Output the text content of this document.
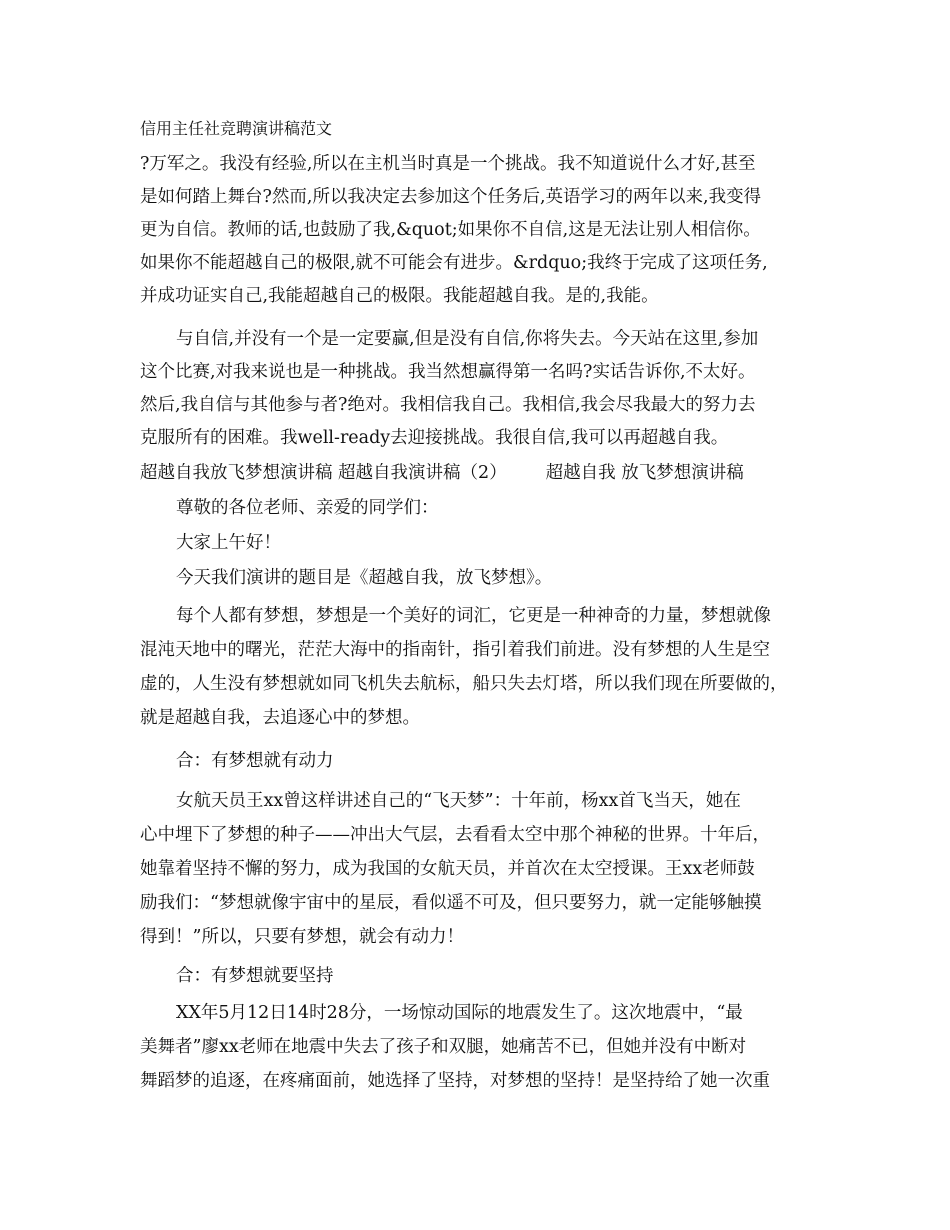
信用主任社竞聘演讲稿范文
?万军之。我没有经验,所以在主机当时真是一个挑战。我不知道说什么才好,甚至
是如何踏上舞台?然而,所以我决定去参加这个任务后,英语学习的两年以来,我变得
更为自信。教师的话,也鼓励了我,&quot;如果你不自信,这是无法让别人相信你。
如果你不能超越自己的极限,就不可能会有进步。&rdquo;我终于完成了这项任务,
并成功证实自己,我能超越自己的极限。我能超越自我。是的,我能。
与自信,并没有一个是一定要赢,但是没有自信,你将失去。今天站在这里,参加
这个比赛,对我来说也是一种挑战。我当然想赢得第一名吗?实话告诉你,不太好。
然后,我自信与其他参与者?绝对。我相信我自己。我相信,我会尽我最大的努力去
克服所有的困难。我well-ready去迎接挑战。我很自信,我可以再超越自我。
超越自我放飞梦想演讲稿 超越自我演讲稿（2）       超越自我 放飞梦想演讲稿
尊敬的各位老师、亲爱的同学们：
大家上午好！
今天我们演讲的题目是《超越自我，放飞梦想》。
每个人都有梦想，梦想是一个美好的词汇，它更是一种神奇的力量，梦想就像
混沌天地中的曙光，茫茫大海中的指南针，指引着我们前进。没有梦想的人生是空
虚的，人生没有梦想就如同飞机失去航标，船只失去灯塔，所以我们现在所要做的，
就是超越自我，去追逐心中的梦想。
合：有梦想就有动力
女航天员王xx曾这样讲述自己的“飞天梦”：十年前，杨xx首飞当天，她在
心中埋下了梦想的种子——冲出大气层，去看看太空中那个神秘的世界。十年后，
她靠着坚持不懈的努力，成为我国的女航天员，并首次在太空授课。王xx老师鼓
励我们：“梦想就像宇宙中的星辰，看似遥不可及，但只要努力，就一定能够触摸
得到！”所以，只要有梦想，就会有动力！
合：有梦想就要坚持
XX年5月12日14时28分，一场惊动国际的地震发生了。这次地震中，“最
美舞者”廖xx老师在地震中失去了孩子和双腿，她痛苦不已，但她并没有中断对
舞蹈梦的追逐，在疼痛面前，她选择了坚持，对梦想的坚持！是坚持给了她一次重
